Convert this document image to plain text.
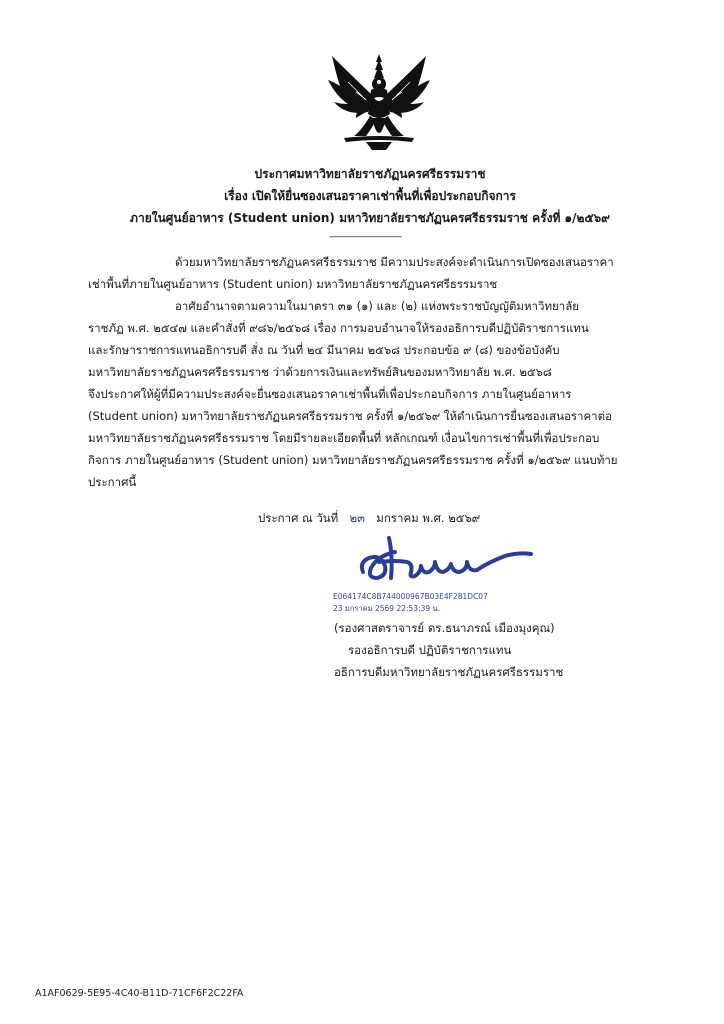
ประกาศมหาวิทยาลัยราชภัฏนครศรีธรรมราช
เรื่อง เปิดให้ยื่นซองเสนอราคาเช่าพื้นที่เพื่อประกอบกิจการ
ภายในศูนย์อาหาร (Student union) มหาวิทยาลัยราชภัฏนครศรีธรรมราช ครั้งที่ ๑/๒๕๖๙
--------------------------------
ด้วยมหาวิทยาลัยราชภัฏนครศรีธรรมราช มีความประสงค์จะดำเนินการเปิดซองเสนอราคา
เช่าพื้นที่ภายในศูนย์อาหาร (Student union) มหาวิทยาลัยราชภัฏนครศรีธรรมราช
อาศัยอำนาจตามความในมาตรา ๓๑ (๑) และ (๒) แห่งพระราชบัญญัติมหาวิทยาลัย
ราชภัฏ พ.ศ. ๒๕๔๗ และคำสั่งที่ ๙๘๖/๒๕๖๘ เรื่อง การมอบอำนาจให้รองอธิการบดีปฏิบัติราชการแทน
และรักษาราชการแทนอธิการบดี สั่ง ณ วันที่ ๒๔ มีนาคม ๒๕๖๘ ประกอบข้อ ๙ (๘) ของข้อบังคับ
มหาวิทยาลัยราชภัฏนครศรีธรรมราช ว่าด้วยการเงินและทรัพย์สินของมหาวิทยาลัย พ.ศ. ๒๕๖๘
จึงประกาศให้ผู้ที่มีความประสงค์จะยื่นซองเสนอราคาเช่าพื้นที่เพื่อประกอบกิจการ ภายในศูนย์อาหาร
(Student union) มหาวิทยาลัยราชภัฏนครศรีธรรมราช ครั้งที่ ๑/๒๕๖๙ ให้ดำเนินการยื่นซองเสนอราคาต่อ
มหาวิทยาลัยราชภัฏนครศรีธรรมราช โดยมีรายละเอียดพื้นที่ หลักเกณฑ์ เงื่อนไขการเช่าพื้นที่เพื่อประกอบ
กิจการ ภายในศูนย์อาหาร (Student union) มหาวิทยาลัยราชภัฏนครศรีธรรมราช ครั้งที่ ๑/๒๕๖๙ แนบท้าย
ประกาศนี้
ประกาศ ณ วันที่ ๒๓ มกราคม พ.ศ. ๒๕๖๙
E064174C8B744000967B03E4F281DC07
23 มกราคม 2569 22:53:39 น.
(รองศาสตราจารย์ ดร.ธนาภรณ์ เมืองมุงคุณ)
รองอธิการบดี ปฏิบัติราชการแทน
อธิการบดีมหาวิทยาลัยราชภัฏนครศรีธรรมราช
A1AF0629-5E95-4C40-B11D-71CF6F2C22FA
